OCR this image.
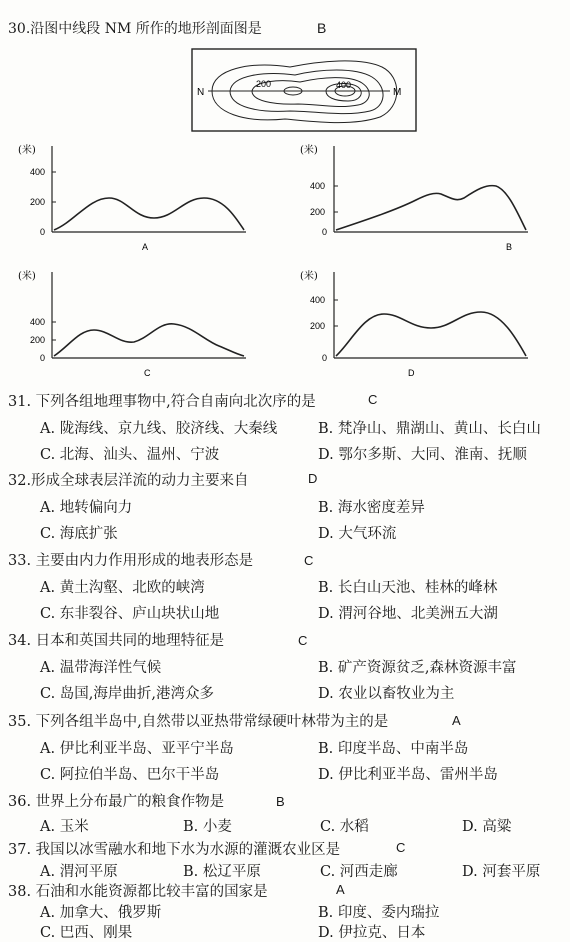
30.沿图中线段 NM 所作的地形剖面图是	B
N	M
200	400
(米)
400
200
0
A
(米)
400
200
0
B
(米)
400
200
0
C
(米)
400
200
0
D
31. 下列各组地理事物中,符合自南向北次序的是	C
A. 陇海线、京九线、胶济线、大秦线	B. 梵净山、鼎湖山、黄山、长白山
C. 北海、汕头、温州、宁波	D. 鄂尔多斯、大同、淮南、抚顺
32.形成全球表层洋流的动力主要来自	D
A. 地转偏向力	B. 海水密度差异
C. 海底扩张	D. 大气环流
33. 主要由内力作用形成的地表形态是	C
A. 黄土沟壑、北欧的峡湾	B. 长白山天池、桂林的峰林
C. 东非裂谷、庐山块状山地	D. 渭河谷地、北美洲五大湖
34. 日本和英国共同的地理特征是	C
A. 温带海洋性气候	B. 矿产资源贫乏,森林资源丰富
C. 岛国,海岸曲折,港湾众多	D. 农业以畜牧业为主
35. 下列各组半岛中,自然带以亚热带常绿硬叶林带为主的是	A
A. 伊比利亚半岛、亚平宁半岛	B. 印度半岛、中南半岛
C. 阿拉伯半岛、巴尔干半岛	D. 伊比利亚半岛、雷州半岛
36. 世界上分布最广的粮食作物是	B
A. 玉米	B. 小麦	C. 水稻	D. 高粱
37. 我国以冰雪融水和地下水为水源的灌溉农业区是	C
A. 渭河平原	B. 松辽平原	C. 河西走廊	D. 河套平原
38. 石油和水能资源都比较丰富的国家是	A
A. 加拿大、俄罗斯	B. 印度、委内瑞拉
C. 巴西、刚果	D. 伊拉克、日本
